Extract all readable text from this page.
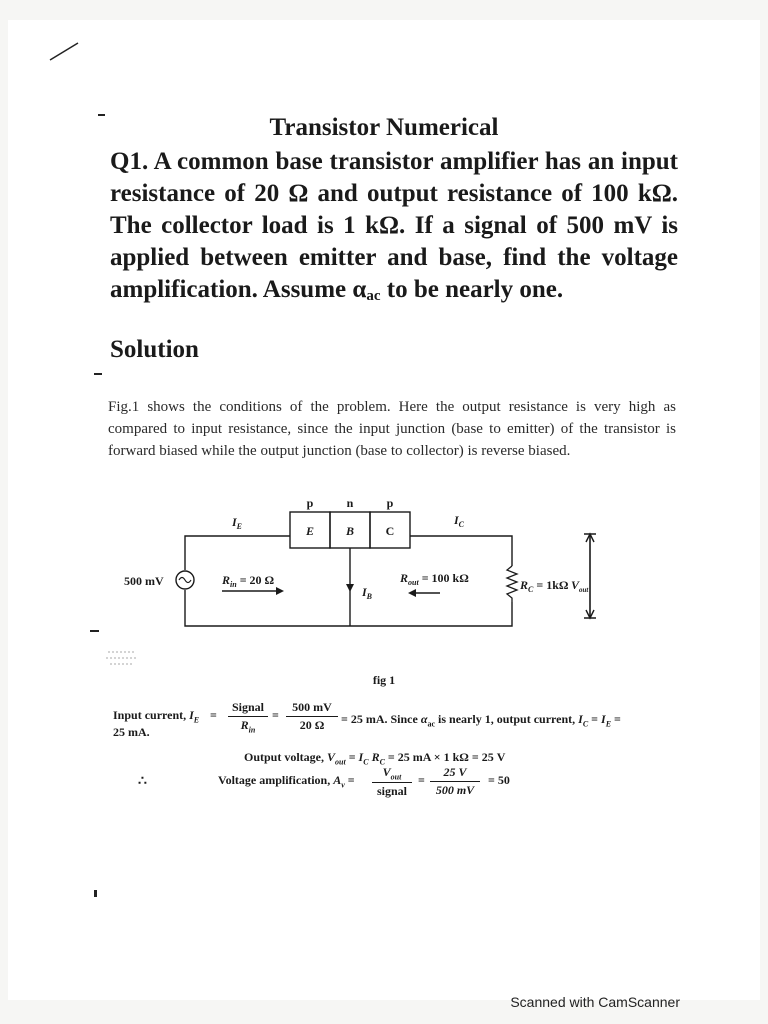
Transistor Numerical
Q1. A common base transistor amplifier has an input resistance of 20 Ω and output resistance of 100 kΩ. The collector load is 1 kΩ. If a signal of 500 mV is applied between emitter and base, find the voltage amplification. Assume $\alpha_{ac}$ to be nearly one.
Solution
Fig.1 shows the conditions of the problem. Here the output resistance is very high as compared to input resistance, since the input junction (base to emitter) of the transistor is forward biased while the output junction (base to collector) is reverse biased.
p	n	p
E	B	C
$I_E$	$I_C$
500 mV	$R_{in} = 20$ Ω
$I_B$
$R_{out} = 100$ kΩ	$R_C = 1k\Omega$ $V_{out}$
fig 1
Input current, $I_E$ =
Signal
$R_{in}$
= $\frac{500 mV}{20 \Omega} = 25$ mA. Since $\alpha_{ac}$ is nearly 1, output current, $I_C = I_E$ =
25 mA.
Output voltage, $V_{out} = I_C$ $R_C = 25$ mA × 1 kΩ = 25 V
∴	Voltage amplification, $A_v$ =
$V_{out}$
signal
= $\frac{25 V}{500 mV} = 50$
Scanned with CamScanner
